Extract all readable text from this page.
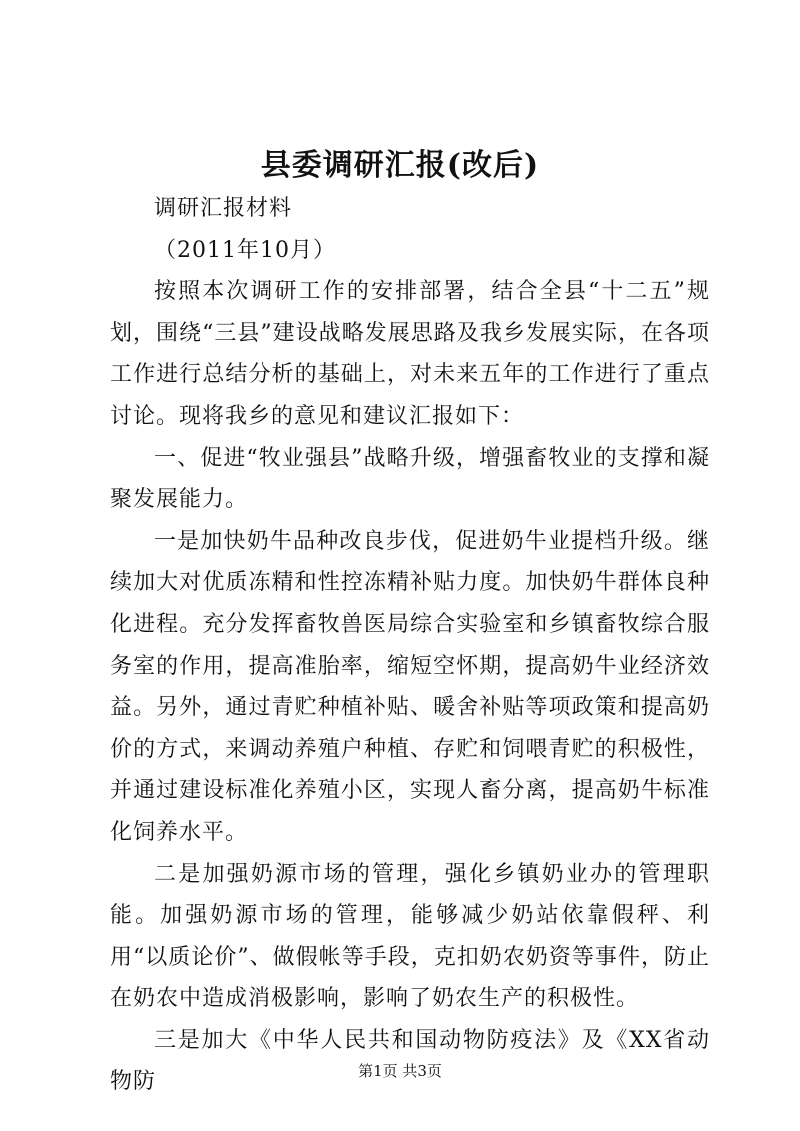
县委调研汇报(改后)

调研汇报材料

（2011年10月）

按照本次调研工作的安排部署，结合全县“十二五”规划，围绕“三县”建设战略发展思路及我乡发展实际，在各项工作进行总结分析的基础上，对未来五年的工作进行了重点讨论。现将我乡的意见和建议汇报如下：

一、促进“牧业强县”战略升级，增强畜牧业的支撑和凝聚发展能力。

一是加快奶牛品种改良步伐，促进奶牛业提档升级。继续加大对优质冻精和性控冻精补贴力度。加快奶牛群体良种化进程。充分发挥畜牧兽医局综合实验室和乡镇畜牧综合服务室的作用，提高准胎率，缩短空怀期，提高奶牛业经济效益。另外，通过青贮种植补贴、暖舍补贴等项政策和提高奶价的方式，来调动养殖户种植、存贮和饲喂青贮的积极性，并通过建设标准化养殖小区，实现人畜分离，提高奶牛标准化饲养水平。

二是加强奶源市场的管理，强化乡镇奶业办的管理职能。加强奶源市场的管理，能够减少奶站依靠假秤、利用“以质论价”、做假帐等手段，克扣奶农奶资等事件，防止在奶农中造成消极影响，影响了奶农生产的积极性。

三是加大《中华人民共和国动物防疫法》及《XX省动物防	第1页 共3页
